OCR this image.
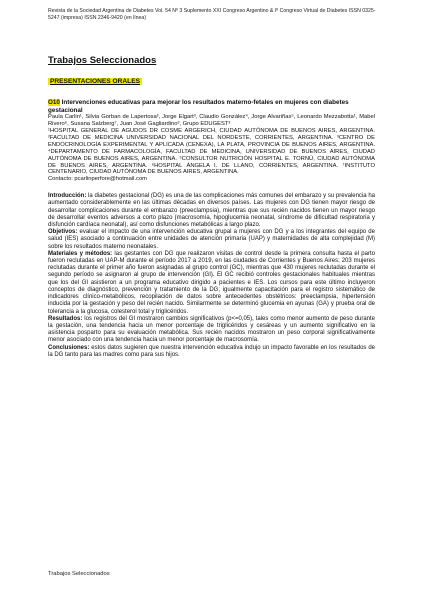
Revista de la Sociedad Argentina de Diabetes Vol. 54 Nº 3 Suplemento XXI Congreso Argentino & Iº Congreso Virtual de Diabetes ISSN 0325-5247 (impresa) ISSN 2346-9420 (en línea)
Trabajos Seleccionados
PRESENTACIONES ORALES
O10 Intervenciones educativas para mejorar los resultados materno-fetales en mujeres con diabetes gestacional
Paula Carlin¹, Silvia Gorban de Lapertosa², Jorge Elgart³, Claudio González⁴, Jorge Alvariñas⁵, Leonardo Mezzabotta¹, Mabel Rivero⁶, Susana Salzberg⁷, Juan José Gagliardino³, Grupo EDUGEST³
¹HOSPITAL GENERAL DE AGUDOS DR COSME ARGERICH, CIUDAD AUTÓNOMA DE BUENOS AIRES, ARGENTINA. ²FACULTAD DE MEDICINA UNIVERSIDAD NACIONAL DEL NORDESTE, CORRIENTES, ARGENTINA. ³CENTRO DE ENDOCRINOLOGÍA EXPERIMENTAL Y APLICADA (CENEXA), LA PLATA, PROVINCIA DE BUENOS AIRES, ARGENTINA. ⁴DEPARTAMENTO DE FARMACOLOGÍA, FACULTAD DE MEDICINA, UNIVERSIDAD DE BUENOS AIRES, CIUDAD AUTÓNOMA DE BUENOS AIRES, ARGENTINA. ⁵CONSULTOR NUTRICIÓN HOSPITAL E. TORNÚ, CIUDAD AUTÓNOMA DE BUENOS AIRES, ARGENTINA. ⁶HOSPITAL ÁNGELA I. DE LLANO, CORRIENTES, ARGENTINA. ⁷INSTITUTO CENTENARIO, CIUDAD AUTÓNOMA DE BUENOS AIRES, ARGENTINA.
Contacto: pcarlinperfore@hotmail.com

Introducción: la diabetes gestacional (DG) es una de las complicaciones más comunes del embarazo y su prevalencia ha aumentado considerablemente en las últimas décadas en diversos países. Las mujeres con DG tienen mayor riesgo de desarrollar complicaciones durante el embarazo (preeclampsia), mientras que sus recién nacidos tienen un mayor riesgo de desarrollar eventos adversos a corto plazo (macrosomía, hipoglucemia neonatal, síndrome de dificultad respiratoria y disfunción cardíaca neonatal), así como disfunciones metabólicas a largo plazo.

Objetivos: evaluar el impacto de una intervención educativa grupal a mujeres con DG y a los integrantes del equipo de salud (IES) asociado a continuación entre unidades de atención primaria (UAP) y maternidades de alta complejidad (M) sobre los resultados materno neonatales.

Materiales y métodos: las gestantes con DG que realizaron visitas de control desde la primera consulta hasta el parto fueron reclutadas en UAP-M durante el período 2017 a 2019, en las ciudades de Corrientes y Buenos Aires; 203 mujeres reclutadas durante el primer año fueron asignadas al grupo control (GC), mientras que 430 mujeres reclutadas durante el segundo período se asignaron al grupo de intervención (GI). El GC recibió controles gestacionales habituales mientras que los del GI asistieron a un programa educativo dirigido a pacientes e IES. Los cursos para este último incluyeron conceptos de diagnóstico, prevención y tratamiento de la DG; igualmente capacitación para el registro sistemático de indicadores clínico-metabólicos, recopilación de datos sobre antecedentes obstétricos: preeclampsia, hipertensión inducida por la gestación y peso del recién nacido. Similarmente se determinó glucemia en ayunas (GA) y prueba oral de tolerancia a la glucosa, colesterol total y triglicéridos.

Resultados: los registros del GI mostraron cambios significativos (p<=0,05), tales como menor aumento de peso durante la gestación, una tendencia hacia un menor porcentaje de triglicéridos y cesáreas y un aumento significativo en la asistencia posparto para su evaluación metabólica. Sus recién nacidos mostraron un peso corporal significativamente menor asociado con una tendencia hacia un menor porcentaje de macrosomía.

Conclusiones: estos datos sugieren que nuestra intervención educativa indujo un impacto favorable en los resultados de la DG tanto para las madres como para sus hijos.

Trabajos Seleccionados
